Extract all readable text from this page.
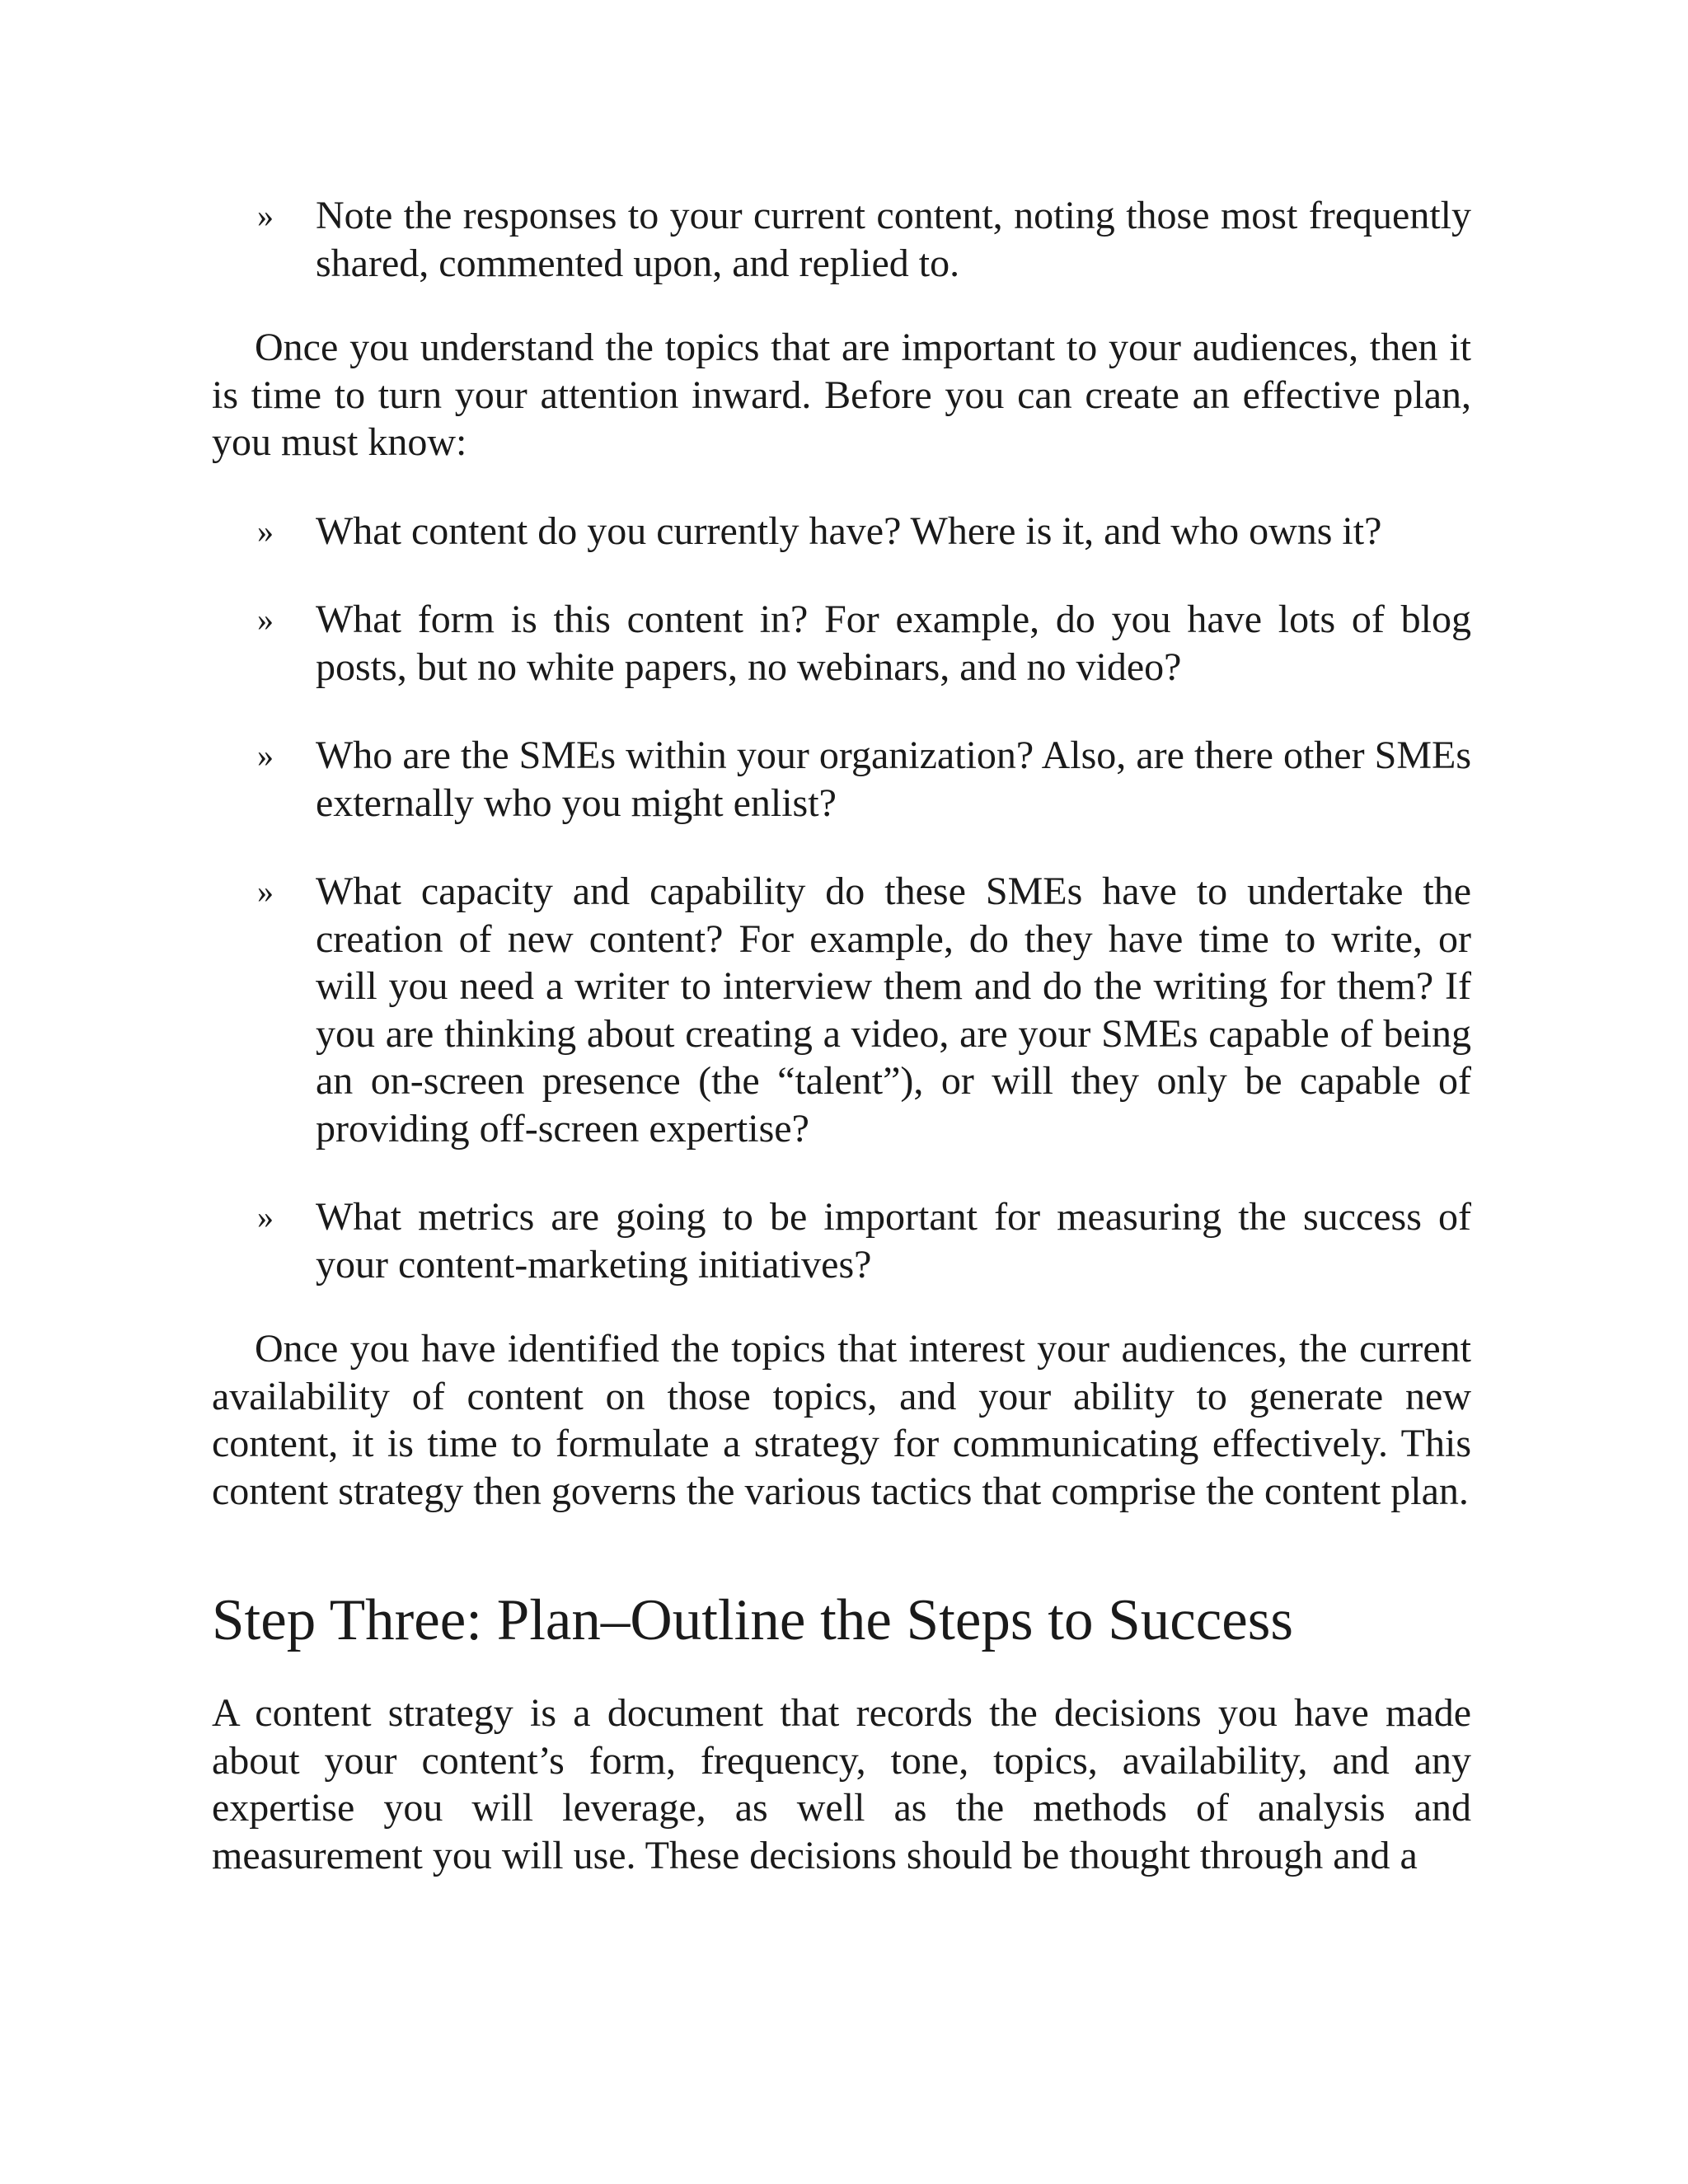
» Note the responses to your current content, noting those most frequently shared, commented upon, and replied to.

Once you understand the topics that are important to your audiences, then it is time to turn your attention inward. Before you can create an effective plan, you must know:

» What content do you currently have? Where is it, and who owns it?
» What form is this content in? For example, do you have lots of blog posts, but no white papers, no webinars, and no video?
» Who are the SMEs within your organization? Also, are there other SMEs externally who you might enlist?
» What capacity and capability do these SMEs have to undertake the creation of new content? For example, do they have time to write, or will you need a writer to interview them and do the writing for them? If you are thinking about creating a video, are your SMEs capable of being an on-screen presence (the “talent”), or will they only be capable of providing off-screen expertise?
» What metrics are going to be important for measuring the success of your content-marketing initiatives?

Once you have identified the topics that interest your audiences, the current availability of content on those topics, and your ability to generate new content, it is time to formulate a strategy for communicating effectively. This content strategy then governs the various tactics that comprise the content plan.

Step Three: Plan–Outline the Steps to Success

A content strategy is a document that records the decisions you have made about your content’s form, frequency, tone, topics, availability, and any expertise you will leverage, as well as the methods of analysis and measurement you will use. These decisions should be thought through and a
